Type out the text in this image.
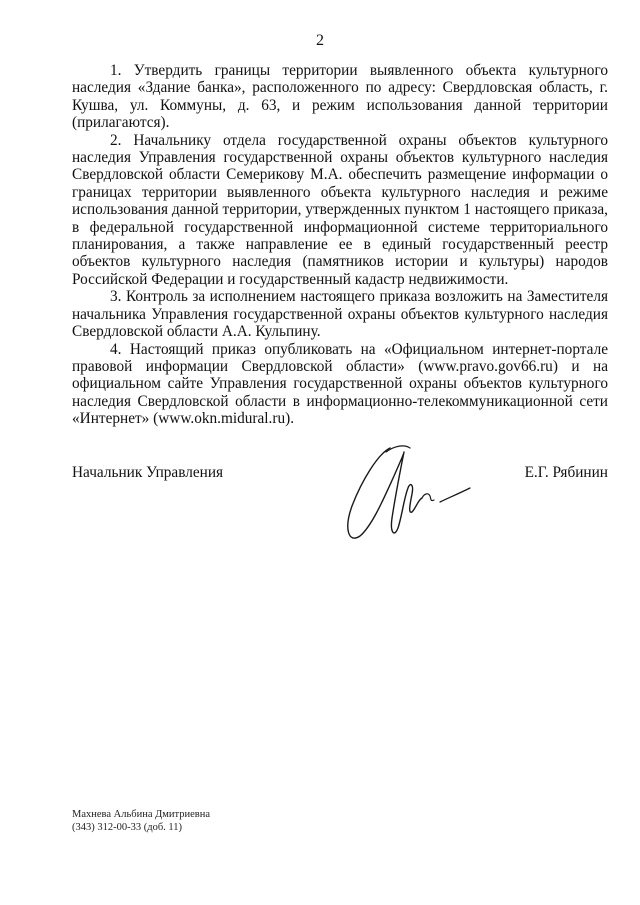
2

1. Утвердить границы территории выявленного объекта культурного наследия «Здание банка», расположенного по адресу: Свердловская область, г. Кушва, ул. Коммуны, д. 63, и режим использования данной территории (прилагаются).

2. Начальнику отдела государственной охраны объектов культурного наследия Управления государственной охраны объектов культурного наследия Свердловской области Семерикову М.А. обеспечить размещение информации о границах территории выявленного объекта культурного наследия и режиме использования данной территории, утвержденных пунктом 1 настоящего приказа, в федеральной государственной информационной системе территориального планирования, а также направление ее в единый государственный реестр объектов культурного наследия (памятников истории и культуры) народов Российской Федерации и государственный кадастр недвижимости.

3. Контроль за исполнением настоящего приказа возложить на Заместителя начальника Управления государственной охраны объектов культурного наследия Свердловской области А.А. Кульпину.

4. Настоящий приказ опубликовать на «Официальном интернет-портале правовой информации Свердловской области» (www.pravo.gov66.ru) и на официальном сайте Управления государственной охраны объектов культурного наследия Свердловской области в информационно-телекоммуникационной сети «Интернет» (www.okn.midural.ru).

Начальник Управления	Е.Г. Рябинин
Махнева Альбина Дмитриевна
(343) 312-00-33 (доб. 11)
